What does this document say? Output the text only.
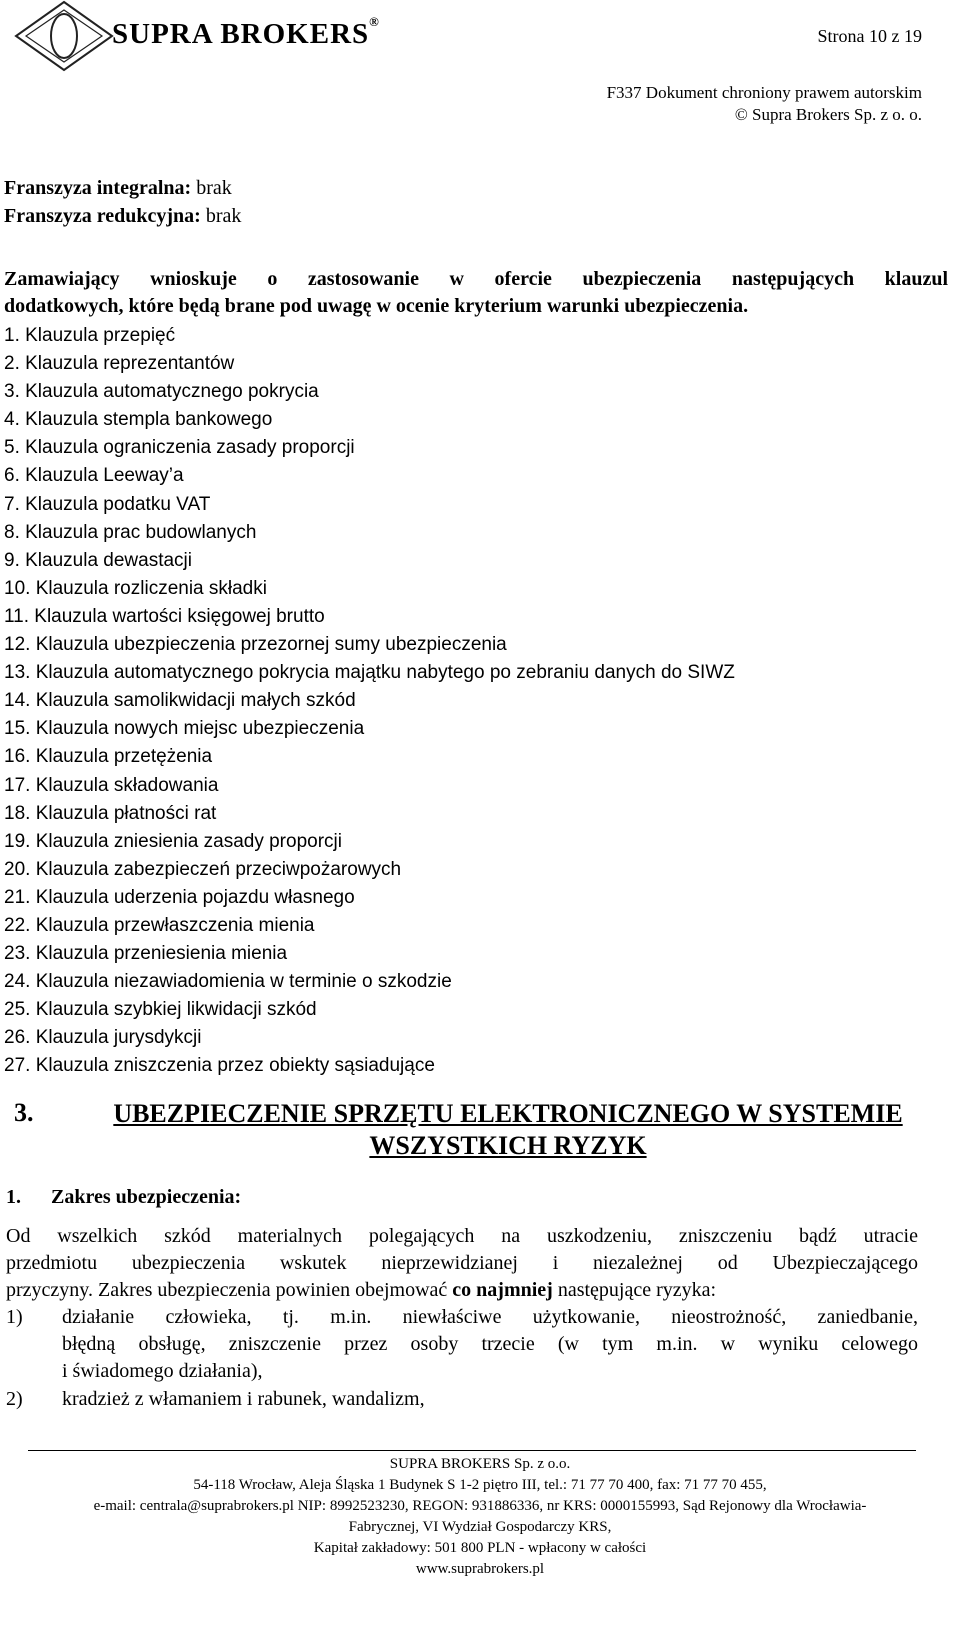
SUPRA BROKERS®
Strona 10 z 19
F337 Dokument chroniony prawem autorskim
© Supra Brokers Sp. z o. o.
Franszyza integralna: brak
Franszyza redukcyjna: brak
Zamawiający wnioskuje o zastosowanie w ofercie ubezpieczenia następujących klauzul
dodatkowych, które będą brane pod uwagę w ocenie kryterium warunki ubezpieczenia.
1. Klauzula przepięć
2. Klauzula reprezentantów
3. Klauzula automatycznego pokrycia
4. Klauzula stempla bankowego
5. Klauzula ograniczenia zasady proporcji
6. Klauzula Leeway’a
7. Klauzula podatku VAT
8. Klauzula prac budowlanych
9. Klauzula dewastacji
10. Klauzula rozliczenia składki
11. Klauzula wartości księgowej brutto
12. Klauzula ubezpieczenia przezornej sumy ubezpieczenia
13. Klauzula automatycznego pokrycia majątku nabytego po zebraniu danych do SIWZ
14. Klauzula samolikwidacji małych szkód
15. Klauzula nowych miejsc ubezpieczenia
16. Klauzula przetężenia
17. Klauzula składowania
18. Klauzula płatności rat
19. Klauzula zniesienia zasady proporcji
20. Klauzula zabezpieczeń przeciwpożarowych
21. Klauzula uderzenia pojazdu własnego
22. Klauzula przewłaszczenia mienia
23. Klauzula przeniesienia mienia
24. Klauzula niezawiadomienia w terminie o szkodzie
25. Klauzula szybkiej likwidacji szkód
26. Klauzula jurysdykcji
27. Klauzula zniszczenia przez obiekty sąsiadujące
3.	UBEZPIECZENIE SPRZĘTU ELEKTRONICZNEGO W SYSTEMIE
WSZYSTKICH RYZYK
1. Zakres ubezpieczenia:
Od wszelkich szkód materialnych polegających na uszkodzeniu, zniszczeniu bądź utracie
przedmiotu ubezpieczenia wskutek nieprzewidzianej i niezależnej od Ubezpieczającego
przyczyny. Zakres ubezpieczenia powinien obejmować co najmniej następujące ryzyka:
1) działanie człowieka, tj. m.in. niewłaściwe użytkowanie, nieostrożność, zaniedbanie,
błędną obsługę, zniszczenie przez osoby trzecie (w tym m.in. w wyniku celowego
i świadomego działania),
2) kradzież z włamaniem i rabunek, wandalizm,
SUPRA BROKERS Sp. z o.o.
54-118 Wrocław, Aleja Śląska 1 Budynek S 1-2 piętro III, tel.: 71 77 70 400, fax: 71 77 70 455,
e-mail: centrala@suprabrokers.pl NIP: 8992523230, REGON: 931886336, nr KRS: 0000155993, Sąd Rejonowy dla Wrocławia-
Fabrycznej, VI Wydział Gospodarczy KRS,
Kapitał zakładowy: 501 800 PLN - wpłacony w całości
www.suprabrokers.pl
